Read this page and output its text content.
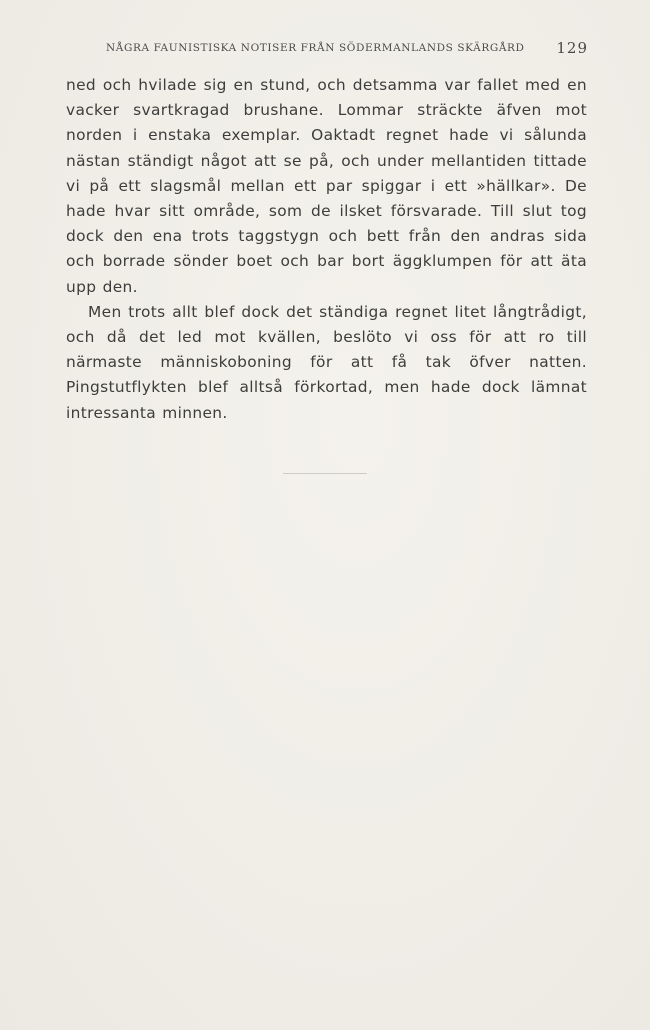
NÅGRA FAUNISTISKA NOTISER FRÅN SÖDERMANLANDS SKÄRGÅRD 129

ned och hvilade sig en stund, och detsamma var fallet med en vacker svartkragad brushane. Lommar sträckte äfven mot norden i enstaka exemplar. Oaktadt regnet hade vi sålunda nästan ständigt något att se på, och under mellantiden tittade vi på ett slagsmål mellan ett par spiggar i ett »hällkar». De hade hvar sitt område, som de ilsket försvarade. Till slut tog dock den ena trots taggstygn och bett från den andras sida och borrade sönder boet och bar bort äggklumpen för att äta upp den.

Men trots allt blef dock det ständiga regnet litet långtrådigt, och då det led mot kvällen, beslöto vi oss för att ro till närmaste människoboning för att få tak öfver natten. Pingstutflykten blef alltså förkortad, men hade dock lämnat intressanta minnen.
